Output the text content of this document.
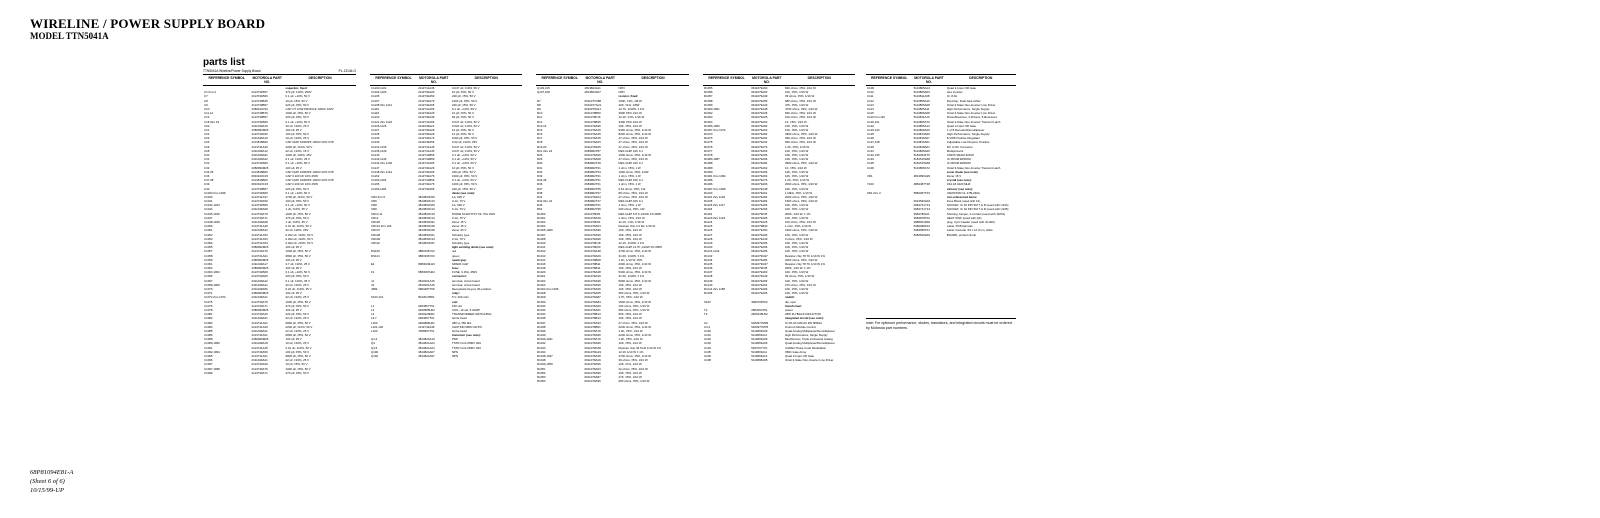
WIRELINE / POWER SUPPLY BOARD
MODEL TTN5041A
parts list
TTN5041A Wireline/Power Supply Board	PL-13146-O
REFERENCE SYMBOL	MOTOROLA PART NO.
DESCRIPTION
capacitor, fixed:
C1 thru 4	2113741B57	470 pF, ±10%, 250V
C7	2113741B69	0.1 uF, +10%, 50 V
C8	2113740B45	10 pF, ±5%, 50 V
C9	2113740B57	220 pF, ±5%, 50 V
C10	2382129Y02	CAP UT LOW PROFILE 100UF 100V
C11,12	2113740B79	1000 pF, ±5%, 50 V
C13	2113740B57	220 pF, ±5%, 50 V
C18 thru 19	2113741B69	0.1 uF, +10%, 50 V
C20	2311049A19	10 uF, ±10%, 25 V
C21	2380090M25	100 uF, 35 V
C22	2113740A50	100 pF, ±5%, 50 V
C23	2311049A19	10 uF, ±10%, 25 V
C25	2113816B06	CAP CHIP 10000PF 1000V 20% X7R
C26	2113741A29	2200 pF, ±10%, 50 V
C28	2311049A12	22 uF, ±10%, 15 V
C30	2311049A91	1000 uF, ±20%, 25V
C31	2311049A22	0.1 uF, ±10%, 35 V
C32	2113741B69	0.1 uF, +10%, 50 V
C33	2380090M25	100 uF, 35 V
C34,35	2113816B06	CAP CHIP 10000PF 1000V 20% X7R
C36	0810010C15	CAP 0.100 UF 10% 250V
C37,38	2113816B06	CAP CHIP 10000PF 1000V 20% X7R
C39	0810010C15	CAP 0.100 UF 10% 250V
C40	2113740B57	220 pF, ±5%, 50 V
C1000 thru 1039	2113741B69	0.1 uF, +10%, 50 V
C1040	2113741A37	4700 pF, ±10%, 50 V
C1041	2113740A50	100 pF, ±5%, 50 V
C1042,1043	2113741B69	0.1 uF, +10%, 50 V
C1044	2311049A08	1 uF, ±10%, 35 V
C1045,1046	2113740A79	1000 pF, ±5%, 50 V
C1047	2113740A71	470 pF, ±5%, 50 V
C1048,1049	2311049A08	1 uF, ±10%, 35 V
C1050	2113741A45	0.01 uF, ±10%, 50 V
C1051	2311049A42	22 uF, ±20%, 25V
C1052	2113741A53	0.022 uF, ±10%, 50 V
C1053	2113741A53	0.022 uF, ±10%, 50 V
C1054	2113741A53	0.022 uF, ±10%, 50 V
C1055	2380090M25	100 uF, 35 V
C1057	2113740A79	1000 pF, ±5%, 50 V
C1058	2113741A01	6800 pF, ±5%, 50 V
C1059	2380090M25	100 uF, 35 V
C1061	2311049A17	4.7 uF, ±10%, 25 V
C1062	2380090M25	100 uF, 35 V
C1063,1064	2113741B69	0.1 uF, +10%, 50 V
C1066	2113740A65	220 pF, ±5%, 50 V
C1067	2311049A22	0.1 uF, ±10%, 35 V
C1068,1069	2311049A21	22 uF, ±10%, 25 V
C1070	2311049A56	0.22 uF, ±10%, 25 V
C1071	2380090M25	100 uF, 35 V
C1072 thru 1074	2311049A21	22 uF, ±10%, 25 V
C1075	2113740A79	1000 pF, ±5%, 50 V
C1076	2113740A71	470 pF, ±5%, 50 V
C1078	2380090M25	100 uF, 35 V
C1081	2113740A25	220 pF, ±5%, 50 V
C1082	2311049A21	22 uF, ±10%, 25 V
C1083	2113741A01	6800 pF, ±5%, 50 V
C1084	2113741A29	2200 pF, ±10%, 50 V
C1085	2311049A21	22 uF, ±10%, 25 V
C1086	2113741A01	6800 pF, ±5%, 50 V
C1088	2380090M25	100 uF, 35 V
C1089,1090	2311049A18	10 uF, ±10%, 25 V
C1091	2113741A45	0.01 uF, ±10%, 50 V
C1092,1094	2113740A50	100 pF, ±5%, 50 V
C1095	2113741A01	6800 pF, ±5%, 50 V
C1096	2311049A21	22 uF, ±10%, 25 V
C1097	2113740A29	10 pF, ±5%, 50 V
C1097,1098	2113740A79	1000 pF, ±5%, 50 V
C1099	2113740A71	470 pF, ±5%, 50 V
REFERENCE SYMBOL	MOTOROLA PART NO.
DESCRIPTION
C1100,1101	2113741A45	0.047 uF, ±10%, 50 V
C1104,1106	2113740A29	10 pF, ±5%, 50 V
C1105	2113740A50	220 pF, ±5%, 50 V
C1107	2113740A79	1000 pF, ±5%, 50 V
C1108 thru 1114	2113740A65	220 pF, ±5%, 50 V
C1115	2113741A65	0.1 uF, +10%, 50 V
C1116	2113740A29	10 pF, ±5%, 50 V
C1120	2113740A49	82 pF, ±5%, 50 V
C1121 thru 1124	2113741A65	0.047 uF, ±10%, 50 V
C1125,1126	2311049A21	0.022 uF, ±10%, 50 V
C1127	2113740A29	10 pF, ±5%, 50 V
C1128	2113740A29	12 pF, ±5%, 50 V
C1129	2113740A79	1000 pF, ±5%, 50 V
C1130	2311049A56	0.22 uF, ±10%, 25V
C1131,1133	2113741A45	0.047 uF, ±10%, 50 V
C1135,1139	2113741A45	0.047 uF, ±10%, 50 V
C1140	2113741B69	0.1 uF, +10%, 50 V
C1142,1143	2113741B69	0.1 uF, +10%, 50 V
C1144 thru 1146	2113741A65	0.1 uF, +10%, 50 V
C1147	2113740A29	10 pF, ±5%, 50 V
C1148 thru 1161	2113740A65	220 pF, ±5%, 50 V
C1162	2113740A79	1000 pF, ±5%, 50 V
C1163,1164	2113741B69	0.1 uF, +10%, 50 V
C1165	2113740A79	1000 pF, ±5%, 50 V
C1166,1184	2113740A65	220 pF, ±5%, 50 V
diode (see note):
CR3 thru 5	4813833C06	1A, 600 V
CR6	4813833C13	0.1A, 70 V
CR8	4813833C06	1A, 600 V
CR9	4813833C13	0.1A, 70 V
CR10,11	4813833C19	DIODE SCHOTTKY DL 70A 100V
CR12	4813833C13	0.1A, 70 V
CR100	4813833C91	Zener 15 V
CR101 thru 106	4813833C28	Zener 15 V
CR107	4813833C28	Zener 33 V
CR108	4813833C61	Schottky type
CR109	4813833C13	0.1A, 70 V
CR110	4813833C61	Schottky type
light emitting diode (see note):
DS100	4883196Y02	red
DS101	4883196Y03	green
spark gap:
E1	8083029H13	SPARK GAP
fuse:
F1	6583067H04	FUSE, 3.15A, 250V
connector:
J1	2810201A15	terminal, circuit board
J2	2810201A15	terminal, circuit board
J999	0984487T09	Receptacle Keyed, 30-position
relay:
K100,101	8013017B01	5 V, 200 ohm
coil:
L1	2484567T01	150 UH
L2	2460585U02	COIL, 10 uH, 5.3AMP
L3	2460229D01	TRANSFORMER SWITCHING
L6,7	2484657T01	ferrite bead
L100	2480886U01	280 H, 450 MA
L101,102	2113742A48	CHIP IND 6800 NH 5%
L103	7668657T01	ferrite bead
transistor (see note):
Q1,2	4813824A10	PNP
Q3	4813821A24	TSTR N-CH 800V 30A
Q4,5	4813821A24	TSTR N-CH 800V 30A
Q100	4813824A07	NPN
Q102	4813822A97	NPN
REFERENCE SYMBOL	MOTOROLA PART NO.
DESCRIPTION
Q103,105	4813824A11	NPN
Q107,108	4813823A07	NPN
resistor, fixed:
R7	0611077G88	100K, ±1%, 1/8 W
R8	0610077G21	20K, ±1%, 1/8W
R9	0610079G11	12.7K, 1/10W, ± 1%
R10	0611079B50	390K ±5% 1/10 W
R11	0611079F16	12.1K, ±1%, 1/16 W
R12	0611079B45	330K ±5% 1/10 W
R13,14	0611079A96	10K, ±5%, 1/10 W
R15	0611079A49	5400 ohms, ±5%, 1/10 W
R16	0611079A45	8200 ohms, ±5%, 1/10 W
R17	0611079A35	47 ohms, ±5%, 1/10 W
R18	0611079A63	47 ohms, ±5%, 1/10 W
R19,20	0611079A05	27 ohms, ±5%, 1/10 W
R21 thru 24	0683962T87	RES CHIP 10K 0.1
R25	0611079A96	1000 ohms, ±5%, 1/10 W
R26	0611079A08	47 ohms, ±5%, 1/10 W
R30	0683962T49	RES CHIP 10K 0.1
R31	0683962T01	1 ohm, ±5%, 1 W
R32	0683962T54	1000 ohms, ±5%, 1/2W
R33	0683962T01	1 ohm, ±5%, 1 W
R34,35	0683962T51	RES CHIP 10K 0.1
R36	0683962T01	1 ohm, ±5%, 1 W
R37	0683962T55	0.51 ohms, ±5%, 1W
R38	0683962T67	68 ohms, ±5%, 1/10 W
R41	0611079A04	27 ohms, ±5%, 1/10 W
R42 thru 44	0683962T47	RES CHIP 10K 0.1
R45	0683962T01	1 ohm, ±5%, 1 W
R51	0683962T95	200 ohms, ±5%, 1W
R1000	0611079F81	RES CHIP 6.8 K 1/10W 1% 0805
R1001	0611079A49	1 ohm, ±5%, 1/10 W
R1002	0611079F91	12.1K, ±1%, 1/16 W
R1004	0611079A04	Resistor chip 3.3 kΩ, 1/16 W
R1005,1006	0611079A96	10K, ±5%, 1/10 W
R1007	0611079A96	10K, ±5%, 1/10 W
R1008	0611079A96	10K, ±5%, 1/10 W
R1010	0611079F18	12.1K, 1/10W, ± 1%
R1011	0611079F63	RES CHIP 14.7K 1/10W 1% 0805
R1012	0611079A48	4700 ohms, ±5%, 1/10 W
R1013	0611079A09	31.6K, 1/10W, ± 1%
R1014	0611079B28	1.1K, 1/10 W, ±5%
R1016	0611079B11	2000 ohms, ±5%, 1/10 W
R1018	0611079B11	10K, ±5%, 1/10 W
R1020	0611079A48	5400 ohms, ±5%, 1/10 W
R1021	0611079A49	31.6K, 1/10W, ± 1%
R1022	0611079A96	5900 ohms, ±5%, 1/10 W
R1023	0611079A96	10K, ±5%, 1/10 W
R1024 thru 1026	0611079A96	10K, ±5%, 1/10 W
R1028	0611079A65	390 ohms, ±5%, 1/10 W
R1029	0611079A87	4.7K, ±5%, 1/10 W
R1030	0611079A84	1500 ohms, ±5%, 1/10 W
R1032	0611079A60	100 ohms, ±5%, 1/10 W
R1033	0611079A61	680 ohms, ±5%, 1/10 W
R1034	0611079B13	56K, ±5%, 1/10 W
R1035	0611079B13	10K, ±5%, 1/10 W
R1037	0611079A33	27 ohms, ±5%, 1/10 W
R1038	0611079B01	2200 ohms, ±5%, 1/10 W
R1039	0611079A76	1.2K, ±5%, 1/10 W
R1040	0611079A96	2200 ohms, ±5%, 1/10 W
R1040,1041	0611079A76	1.2K, ±5%, 1/10 W
R1042	0611079A96	10K, ±5%, 1/10 W
R1043	0611079G50	Resistor chip 36.5 kΩ 1/10 W 1%
R1044	0611079G19	12.1K 1/10 W ± 1%
R1045,1047	0611079A48	4700 ohms, ±5%, 1/10 W
R1048	0611079A49	39 ohms, ±5%, 1/10 W
R1049,1050	0611079A96	10K, ±1%, 1/10 W
R1051	0611079A03	22 ohms, ±5%, 1/10 W
R1052	0611079A96	10K, ±5%, 1/10 W
R1053	0611079A87	47K, ±5%, 1/10 W
R1054	0611079A96	680 ohms, ±5%, 1/10 W
REFERENCE SYMBOL	MOTOROLA PART NO.
DESCRIPTION
R1055	0611079A60	820 ohms, ±5%, 1/10 W
R1056	0611079A63	10K, ±5%, 1/10 W
R1057	0611079A49	39 ohms, ±5%, 1/10 W
R1058	0611079A56	680 ohms, ±5%, 1/10 W
R1059	0611079A33	47K, ±5%, 1/10 W
R1060,1061	0611079A48	4700 ohms, ±5%, 1/10 W
R1062	0611079A36	820 ohms, ±5%, 1/10 W
R1063	0611079A25	100 ohms, ±5%, 1/10 W
R1064	0611079A62	1K, ±5%, 1/10 W
R1065,1066	0611079A96	10K, ±5%, 1/10 W
R1067 thru 1072	0611079A63	10K, ±5%, 1/10 W
R1073	0611079A84	3900 ohms, ±5%, 1/10 W
R1074	0611079A64	390 ohms, ±5%, 1/10 W
R1075	0611079A32	820 ohms, ±5%, 1/10 W
R1076	0611079A76	1.2K, ±5%, 1/10 W
R1077	0611079A63	10K, ±5%, 1/10 W
R1078	0611079A96	10K, ±5%, 1/10 W
R1080,1087	0611079A96	10K, ±5%, 1/10 W
R1088	0611079A84	3900 ohms, ±5%, 1/10 W
R1089	0611079A62	1K, ±5%, 1/10 W
R1090	0611079A96	10K, ±5%, 1/10 W
R1091 thru 1094	0611079A63	10K, ±5%, 1/10 W
R1095	0611079A76	1.2K, ±5%, 1/10 W
R1096	0611079A96	2000 ohms, ±5%, 1/10 W
R1097 thru 1099	0611079A48	10K, ±5%, 1/10 W
R1100	0611079A61	1 MEG, ±5%, 1/10 W
R1101 thru 1104	0611079A84	2000 ohms, ±5%, 1/10 W
R1105	0611079A84	1500 ohms, ±5%, 1/10 W
R1106 thru 1117	0611079A96	10K, ±5%, 1/10 W
R1118	0611079A96	10K, ±5%, 1/10 W
R1119	0611079F35	200K, 1/10 W, ± 1%
R1120 thru 1123	0611079A96	10K, ±5%, 1/10 W
R1124	0611079A25	100 ohms, ±5%, 1/10 W
R1125	0611079B40	1 ohm, ±5%, 1/10 W
R1126	0611079A60	2200 ohms, ±5%, 1/10 W
R1127	0611079A96	10K, ±5%, 1/10 W
R1128	0611079A49	0 ohms, ±5%, 1/10 W
R1129	0611079A96	10K, ±5%, 1/10 W
R1130	0611079A96	10K, ±5%, 1/10 W
R1131,1132	0611079A96	10K, ±5%, 1/10 W
R1133	0611079G97	Resistor chip 78.7K 1/10 W 1%
R1134	0611079A84	2000 ohms, ±5%, 1/10 W
R1135	0611079G97	Resistor chip 78.7K 1/10 W 1%
R1136	0611079F35	200K, 1/10 W, ± 1%
R1137	0611079A60	10K, ±5%, 1/10 W
R1138	0611079A49	39 ohms, ±5%, 1/10 W
R1139	0611079A96	10K, ±5%, 1/10 W
R1140	0611079A64	270 ohms, ±5%, 1/10 W
R1141 thru 1155	0611079A96	10K, ±5%, 1/10 W
R1156	0611079A96	10K, ±5%, 1/10 W
switch:
S100	4083708T02	dip, spst
transformer:
T2	2584263T01	power
T3	2480248U02	25W FLYBACK INDUCTOR
integrated circuit (see note):
U1	5183977M09	IC PA LIN AM AU RN I9581A
U3,4	5183977M78	ICurrent Module Control
U100	5113803A09	Quad Analog Multiplexer/Demultiplexer
U101	5113803A11	High Performance, Single Supply
U102	5113803A09	Mux/Demux, Triple 2-Channel Analog
U103	5113803A09	Quad Analog Multiplexer/Demultiplexer
U104	5184767Y01	CODEC Pulse Code Modulation
U105	5113803A11	XBIC Gate Array
U106	5113803A14	Quad 2-Input OR Gate
U108	5113808A08	Octal 3-State Non-Inverter Line Driver
REFERENCE SYMBOL	MOTOROLA PART NO.
DESCRIPTION
U109	5113805A14	Quad 2-Input OR Gate
U110	5113805A03	Hex Inverter
U111	5113811A08	IC, 8-bit
U112	5113805A16	Flip-Flop, Dual Jack w/Set
U113	5113805A08	Octal 3-State Non-Inverter Line Driver
U114	5113805A11	High Performance, Single Supply
U115	5113805A08	Octal 3-State Non-Inverter Line Driver
U116 thru 119	5113811A10	Driver/Receiver, 3-Drivers, 5-Receivers
U120,121	5113805A72	Octal 3-State Non-Inverter Transmit Latch
U122	5113805A14	Quad 2-Input OR Gate
U123,124	5113809A20	1 of 8 Decoder/Demultiplexer
U125	5113813A09	High Performance, Single Supply
U126	5113816A07	8-V/8K Positive Regulator
U127,128	5113816A01	Adjustable Low Dropout, Positive
U129	5113818A01	DC to DC Converter
U131	5113805A09	Multiprotocol
U132,133	5184094F75	CMOS SRAM 32Kx8
U134	5181515H65	IC PROM EPROM
U135	5181515H66	IC PROM EPROM
U136	5113805A72	Octal 3-State Non-Inverter Transmit Latch
zener diode (see note):
VR1	4813830A29	Zener 15 V
crystal (see note):
Y100	4884487T28	15A,18.4320 MHZ
varistor (see note):
ZR1 thru 3	5884067T03	VARISTOR UL 275L230A
non-referenced items:
0913540A04	Fuse Block (used with F1)
0984741Y13	SOCKET, IC 32 PIN SM T & R (used with U134)
0984741Y13	SOCKET, IC 32 PIN SM T & R (used with U135)
3984789L01	Shorting Jumper, 2-contact (used with J1001)
2684878T02	HEAT SINK (used with Q4)
2888001R02	plug, 3-pin header (used with J2-000)
5482098K01	Label, PCB barcode
5484995T01	Label, barcode .63 x 12.7mm, white
8482529H01	BOARD, printed circuit
note: For optimum performance, diodes, transistors, and integrated circuits must be ordered by Motorola part numbers.
68P81094E81-A
(Sheet 6 of 6)
10/15/99-UP
